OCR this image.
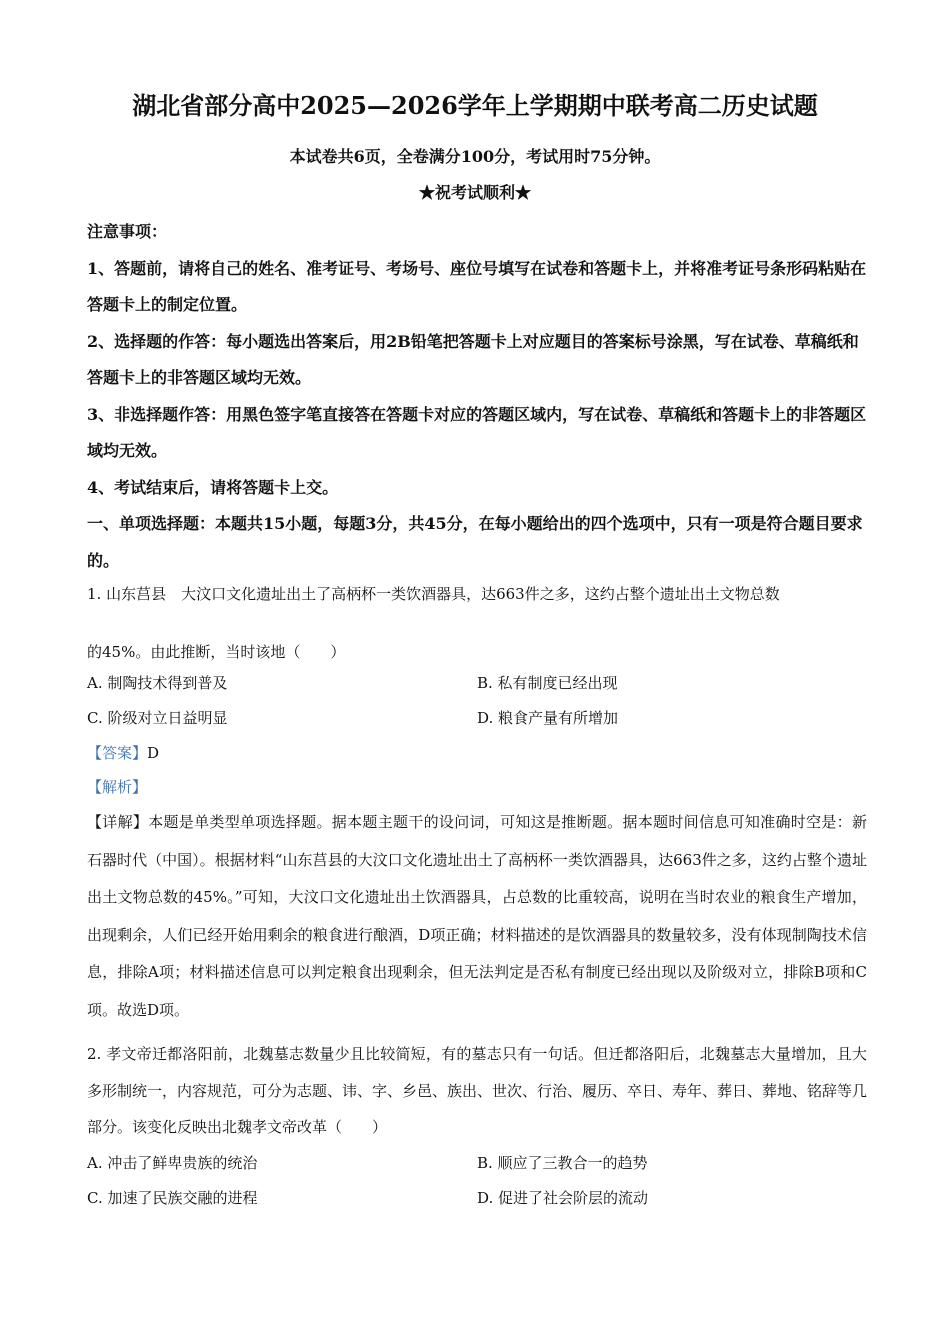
湖北省部分高中2025—2026学年上学期期中联考高二历史试题
本试卷共6页，全卷满分100分，考试用时75分钟。
★祝考试顺利★

注意事项：

1、答题前，请将自己的姓名、准考证号、考场号、座位号填写在试卷和答题卡上，并将准考证号条形码粘贴在答题卡上的制定位置。

2、选择题的作答：每小题选出答案后，用2B铅笔把答题卡上对应题目的答案标号涂黑，写在试卷、草稿纸和答题卡上的非答题区域均无效。

3、非选择题作答：用黑色签字笔直接答在答题卡对应的答题区域内，写在试卷、草稿纸和答题卡上的非答题区域均无效。

4、考试结束后，请将答题卡上交。

一、单项选择题：本题共15小题，每题3分，共45分，在每小题给出的四个选项中，只有一项是符合题目要求的。

1. 山东莒县　大汶口文化遗址出土了高柄杯一类饮酒器具，达663件之多，这约占整个遗址出土文物总数
的45%。由此推断，当时该地（　　）
A. 制陶技术得到普及	B. 私有制度已经出现
C. 阶级对立日益明显	D. 粮食产量有所增加
【答案】D
【解析】
【详解】本题是单类型单项选择题。据本题主题干的设问词，可知这是推断题。据本题时间信息可知准确时空是：新石器时代（中国）。根据材料“山东莒县的大汶口文化遗址出土了高柄杯一类饮酒器具，达663件之多，这约占整个遗址出土文物总数的45%。”可知，大汶口文化遗址出土饮酒器具，占总数的比重较高，说明在当时农业的粮食生产增加，出现剩余，人们已经开始用剩余的粮食进行酿酒，D项正确；材料描述的是饮酒器具的数量较多，没有体现制陶技术信息，排除A项；材料描述信息可以判定粮食出现剩余，但无法判定是否私有制度已经出现以及阶级对立，排除B项和C项。故选D项。
2. 孝文帝迁都洛阳前，北魏墓志数量少且比较简短，有的墓志只有一句话。但迁都洛阳后，北魏墓志大量增加，且大多形制统一，内容规范，可分为志题、讳、字、乡邑、族出、世次、行治、履历、卒日、寿年、葬日、葬地、铭辞等几部分。该变化反映出北魏孝文帝改革（　　）
A. 冲击了鲜卑贵族的统治	B. 顺应了三教合一的趋势
C. 加速了民族交融的进程	D. 促进了社会阶层的流动
